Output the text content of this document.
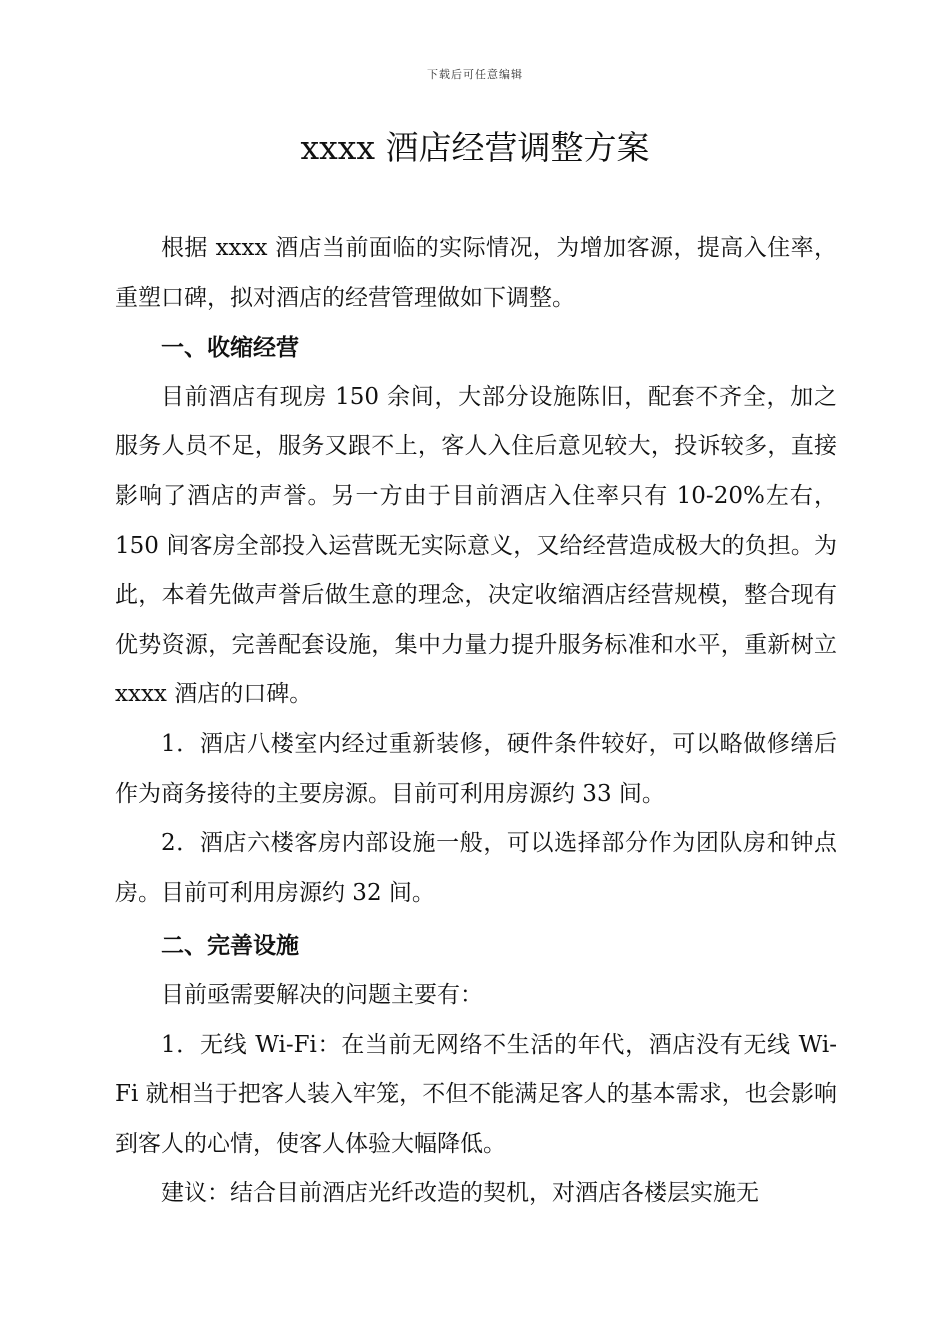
下载后可任意编辑
xxxx 酒店经营调整方案

根据 xxxx 酒店当前面临的实际情况，为增加客源，提高入住率，重塑口碑，拟对酒店的经营管理做如下调整。

一、收缩经营

目前酒店有现房 150 余间，大部分设施陈旧，配套不齐全，加之服务人员不足，服务又跟不上，客人入住后意见较大，投诉较多，直接影响了酒店的声誉。另一方由于目前酒店入住率只有 10-20%左右，150 间客房全部投入运营既无实际意义，又给经营造成极大的负担。为此，本着先做声誉后做生意的理念，决定收缩酒店经营规模，整合现有优势资源，完善配套设施，集中力量力提升服务标准和水平，重新树立 xxxx 酒店的口碑。

1．酒店八楼室内经过重新装修，硬件条件较好，可以略做修缮后作为商务接待的主要房源。目前可利用房源约 33 间。

2．酒店六楼客房内部设施一般，可以选择部分作为团队房和钟点房。目前可利用房源约 32 间。

二、完善设施

目前亟需要解决的问题主要有：

1．无线 Wi-Fi：在当前无网络不生活的年代，酒店没有无线 Wi-Fi 就相当于把客人装入牢笼，不但不能满足客人的基本需求，也会影响到客人的心情，使客人体验大幅降低。

建议：结合目前酒店光纤改造的契机，对酒店各楼层实施无
